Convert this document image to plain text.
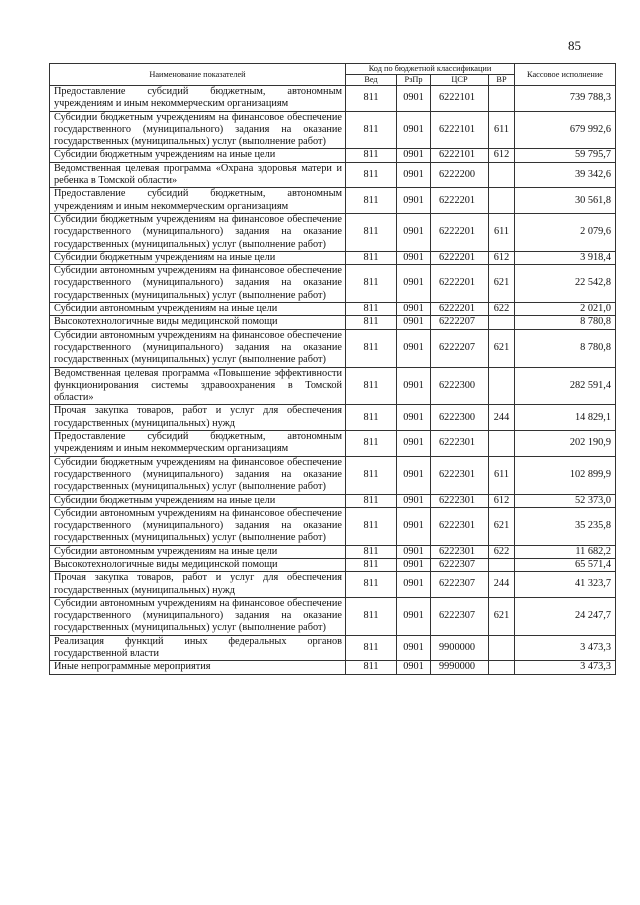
85
Наименование показателей	Код по бюджетной классификации				Кассовое исполнение
	Вед	РзПр	ЦСР	ВР	
Предоставление субсидий бюджетным, автономным учреждениям и иным некоммерческим организациям	811	0901	6222101		739 788,3
Субсидии бюджетным учреждениям на финансовое обеспечение государственного (муниципального) задания на оказание государственных (муниципальных) услуг (выполнение работ)	811	0901	6222101	611	679 992,6
Субсидии бюджетным учреждениям на иные цели	811	0901	6222101	612	59 795,7
Ведомственная целевая программа «Охрана здоровья матери и ребенка в Томской области»	811	0901	6222200		39 342,6
Предоставление субсидий бюджетным, автономным учреждениям и иным некоммерческим организациям	811	0901	6222201		30 561,8
Субсидии бюджетным учреждениям на финансовое обеспечение государственного (муниципального) задания на оказание государственных (муниципальных) услуг (выполнение работ)	811	0901	6222201	611	2 079,6
Субсидии бюджетным учреждениям на иные цели	811	0901	6222201	612	3 918,4
Субсидии автономным учреждениям на финансовое обеспечение государственного (муниципального) задания на оказание государственных (муниципальных) услуг (выполнение работ)	811	0901	6222201	621	22 542,8
Субсидии автономным учреждениям на иные цели	811	0901	6222201	622	2 021,0
Высокотехнологичные виды медицинской помощи	811	0901	6222207		8 780,8
Субсидии автономным учреждениям на финансовое обеспечение государственного (муниципального) задания на оказание государственных (муниципальных) услуг (выполнение работ)	811	0901	6222207	621	8 780,8
Ведомственная целевая программа «Повышение эффективности функционирования системы здравоохранения в Томской области»	811	0901	6222300		282 591,4
Прочая закупка товаров, работ и услуг для обеспечения государственных (муниципальных) нужд	811	0901	6222300	244	14 829,1
Предоставление субсидий бюджетным, автономным учреждениям и иным некоммерческим организациям	811	0901	6222301		202 190,9
Субсидии бюджетным учреждениям на финансовое обеспечение государственного (муниципального) задания на оказание государственных (муниципальных) услуг (выполнение работ)	811	0901	6222301	611	102 899,9
Субсидии бюджетным учреждениям на иные цели	811	0901	6222301	612	52 373,0
Субсидии автономным учреждениям на финансовое обеспечение государственного (муниципального) задания на оказание государственных (муниципальных) услуг (выполнение работ)	811	0901	6222301	621	35 235,8
Субсидии автономным учреждениям на иные цели	811	0901	6222301	622	11 682,2
Высокотехнологичные виды медицинской помощи	811	0901	6222307		65 571,4
Прочая закупка товаров, работ и услуг для обеспечения государственных (муниципальных) нужд	811	0901	6222307	244	41 323,7
Субсидии автономным учреждениям на финансовое обеспечение государственного (муниципального) задания на оказание государственных (муниципальных) услуг (выполнение работ)	811	0901	6222307	621	24 247,7
Реализация функций иных федеральных органов государственной власти	811	0901	9900000		3 473,3
Иные непрограммные мероприятия	811	0901	9990000		3 473,3
